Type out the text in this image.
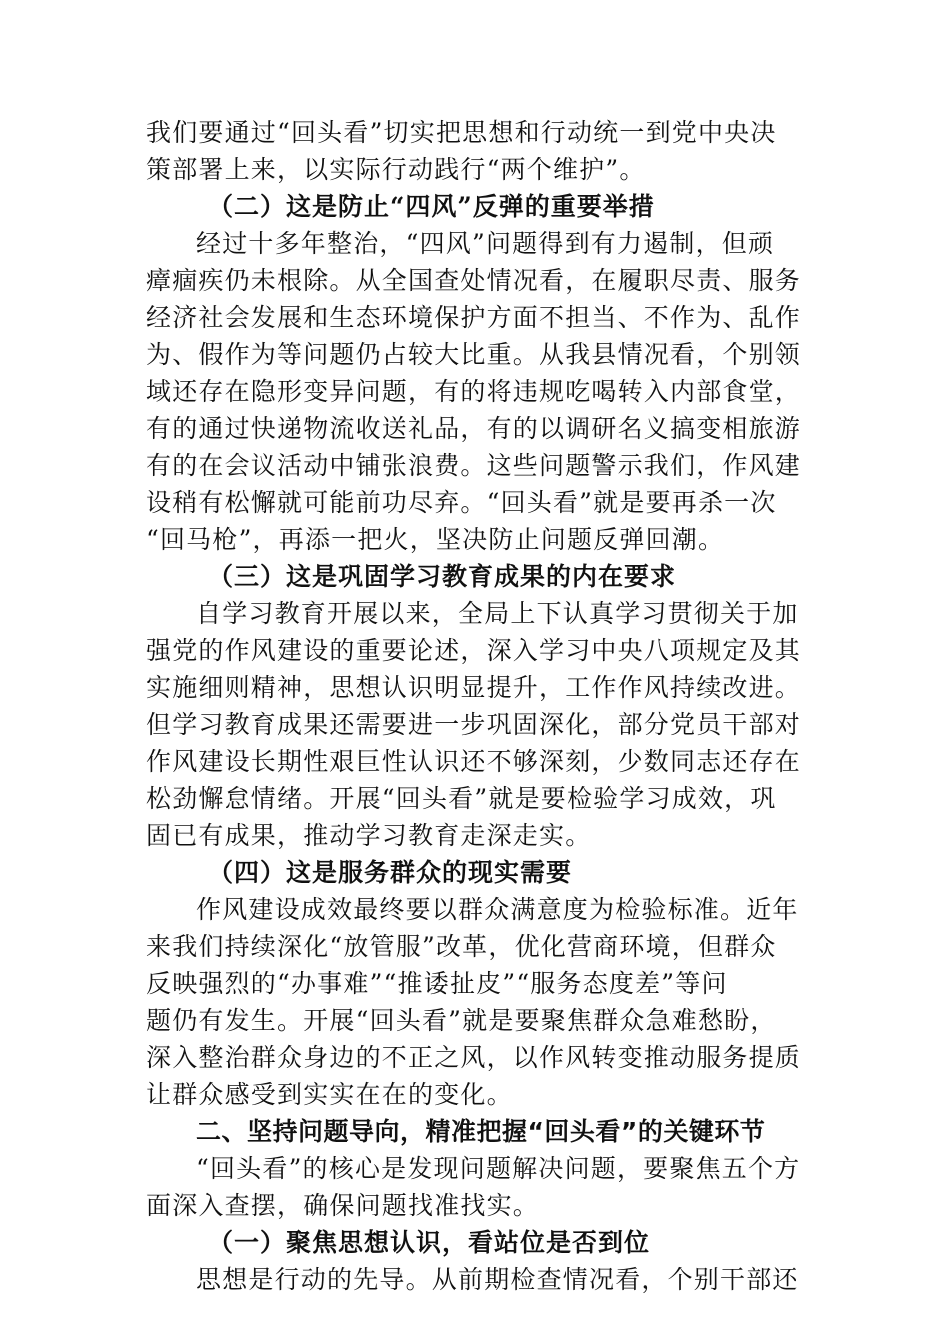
我们要通过“回头看”切实把思想和行动统一到党中央决
策部署上来，以实际行动践行“两个维护”。
（二）这是防止“四风”反弹的重要举措
经过十多年整治，“四风”问题得到有力遏制，但顽
瘴痼疾仍未根除。从全国查处情况看，在履职尽责、服务
经济社会发展和生态环境保护方面不担当、不作为、乱作
为、假作为等问题仍占较大比重。从我县情况看，个别领
域还存在隐形变异问题，有的将违规吃喝转入内部食堂，
有的通过快递物流收送礼品，有的以调研名义搞变相旅游
有的在会议活动中铺张浪费。这些问题警示我们，作风建
设稍有松懈就可能前功尽弃。“回头看”就是要再杀一次
“回马枪”，再添一把火，坚决防止问题反弹回潮。
（三）这是巩固学习教育成果的内在要求
自学习教育开展以来，全局上下认真学习贯彻关于加
强党的作风建设的重要论述，深入学习中央八项规定及其
实施细则精神，思想认识明显提升，工作作风持续改进。
但学习教育成果还需要进一步巩固深化，部分党员干部对
作风建设长期性艰巨性认识还不够深刻，少数同志还存在
松劲懈怠情绪。开展“回头看”就是要检验学习成效，巩
固已有成果，推动学习教育走深走实。
（四）这是服务群众的现实需要
作风建设成效最终要以群众满意度为检验标准。近年
来我们持续深化“放管服”改革，优化营商环境，但群众
反映强烈的“办事难”“推诿扯皮”“服务态度差”等问
题仍有发生。开展“回头看”就是要聚焦群众急难愁盼，
深入整治群众身边的不正之风，以作风转变推动服务提质
让群众感受到实实在在的变化。
二、坚持问题导向，精准把握“回头看”的关键环节
“回头看”的核心是发现问题解决问题，要聚焦五个方
面深入查摆，确保问题找准找实。
（一）聚焦思想认识，看站位是否到位
思想是行动的先导。从前期检查情况看，个别干部还
